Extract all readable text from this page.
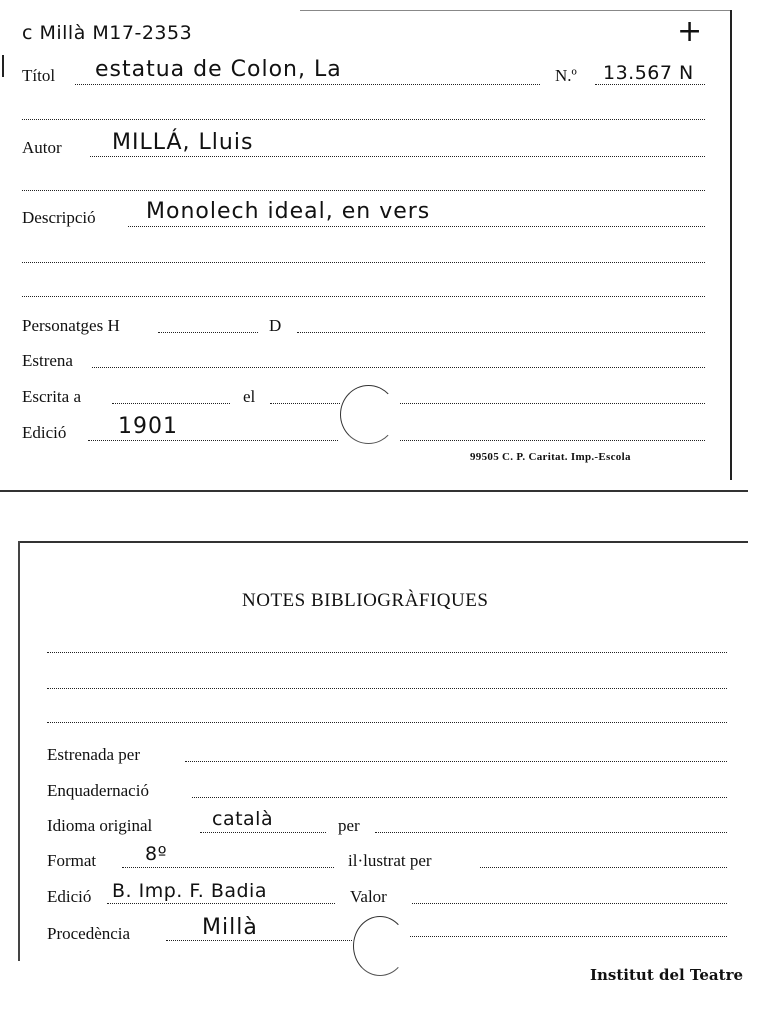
c Millà M17-2353	+
Títol estatua de Colon, La	N.º 13.567 N
Autor MILLÁ, Lluis
Descripció Monolech ideal, en vers
Personatges H	D
Estrena
Escrita a	el
Edició 1901
99505 C. P. Caritat. Imp.-Escola
NOTES BIBLIOGRÀFIQUES
Estrenada per
Enquadernació
Idioma original	català	per
Format	8º	il·lustrat per
Edició B. Imp. F. Badia	Valor
Procedència	Millà
Institut del Teatre
